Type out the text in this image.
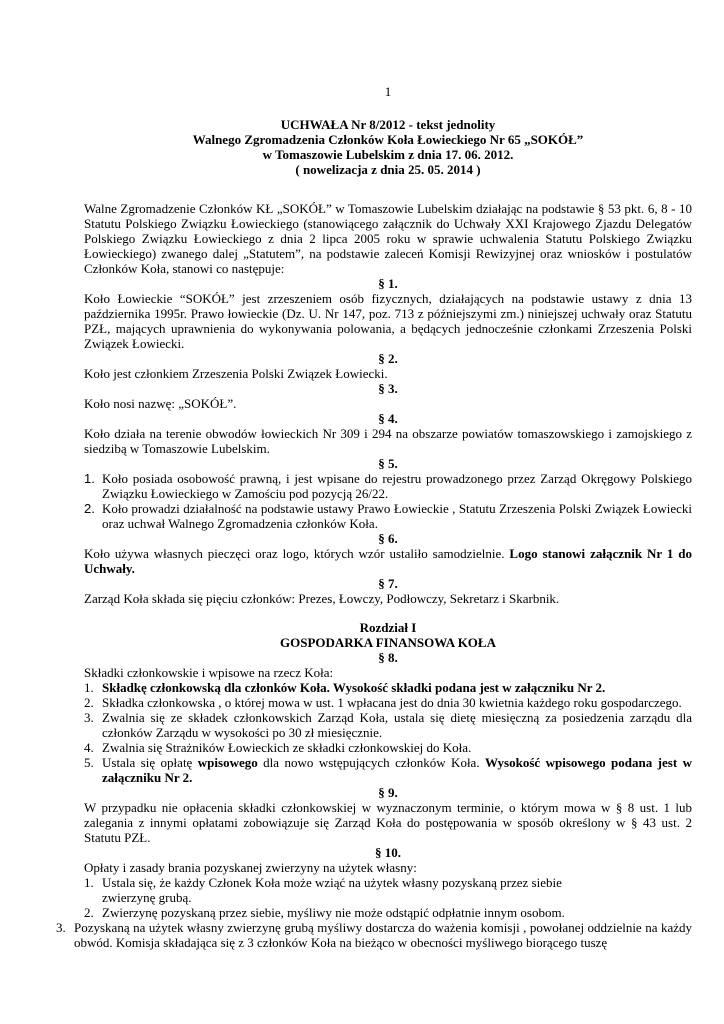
1
UCHWAŁA Nr 8/2012 - tekst jednolity
Walnego Zgromadzenia Członków Koła Łowieckiego Nr 65 „SOKÓŁ”
w Tomaszowie Lubelskim z dnia 17. 06. 2012.
( nowelizacja z dnia 25. 05. 2014 )
Walne Zgromadzenie Członków KŁ „SOKÓŁ” w Tomaszowie Lubelskim działając na podstawie § 53 pkt. 6, 8 - 10 Statutu Polskiego Związku Łowieckiego (stanowiącego załącznik do Uchwały XXI Krajowego Zjazdu Delegatów Polskiego Związku Łowieckiego z dnia 2 lipca 2005 roku w sprawie uchwalenia Statutu Polskiego Związku Łowieckiego) zwanego dalej „Statutem”, na podstawie zaleceń Komisji Rewizyjnej oraz wniosków i postulatów Członków Koła, stanowi co następuje:
§ 1.
Koło Łowieckie “SOKÓŁ” jest zrzeszeniem osób fizycznych, działających na podstawie ustawy z dnia 13 października 1995r. Prawo łowieckie (Dz. U. Nr 147, poz. 713 z późniejszymi zm.) niniejszej uchwały oraz Statutu PZŁ, mających uprawnienia do wykonywania polowania, a będących jednocześnie członkami Zrzeszenia Polski Związek Łowiecki.
§ 2.
Koło jest członkiem Zrzeszenia Polski Związek Łowiecki.
§ 3.
Koło nosi nazwę: „SOKÓŁ”.
§ 4.
Koło działa na terenie obwodów łowieckich Nr 309 i 294 na obszarze powiatów tomaszowskiego i zamojskiego z siedzibą w Tomaszowie Lubelskim.
§ 5.
1. Koło posiada osobowość prawną, i jest wpisane do rejestru prowadzonego przez Zarząd Okręgowy Polskiego Związku Łowieckiego w Zamościu pod pozycją 26/22.
2. Koło prowadzi działalność na podstawie ustawy Prawo Łowieckie , Statutu Zrzeszenia Polski Związek Łowiecki oraz uchwał Walnego Zgromadzenia członków Koła.
§ 6.
Koło używa własnych pieczęci oraz logo, których wzór ustaliło samodzielnie. Logo stanowi załącznik Nr 1 do Uchwały.
§ 7.
Zarząd Koła składa się pięciu członków: Prezes, Łowczy, Podłowczy, Sekretarz i Skarbnik.
Rozdział I
GOSPODARKA FINANSOWA KOŁA
§ 8.
Składki członkowskie i wpisowe na rzecz Koła:
1. Składkę członkowską dla członków Koła. Wysokość składki podana jest w załączniku Nr 2.
2. Składka członkowska , o której mowa w ust. 1 wpłacana jest do dnia 30 kwietnia każdego roku gospodarczego.
3. Zwalnia się ze składek członkowskich Zarząd Koła, ustala się dietę miesięczną za posiedzenia zarządu dla członków Zarządu w wysokości po 30 zł miesięcznie.
4. Zwalnia się Strażników Łowieckich ze składki członkowskiej do Koła.
5. Ustala się opłatę wpisowego dla nowo wstępujących członków Koła. Wysokość wpisowego podana jest w załączniku Nr 2.
§ 9.
W przypadku nie opłacenia składki członkowskiej w wyznaczonym terminie, o którym mowa w § 8 ust. 1 lub zalegania z innymi opłatami zobowiązuje się Zarząd Koła do postępowania w sposób określony w § 43 ust. 2 Statutu PZŁ.
§ 10.
Opłaty i zasady brania pozyskanej zwierzyny na użytek własny:
1. Ustala się, że każdy Członek Koła może wziąć na użytek własny pozyskaną przez siebie
zwierzynę grubą.
2. Zwierzynę pozyskaną przez siebie, myśliwy nie może odstąpić odpłatnie innym osobom.
3. Pozyskaną na użytek własny zwierzynę grubą myśliwy dostarcza do ważenia komisji , powołanej oddzielnie na każdy obwód. Komisja składająca się z 3 członków Koła na bieżąco w obecności myśliwego biorącego tuszę
